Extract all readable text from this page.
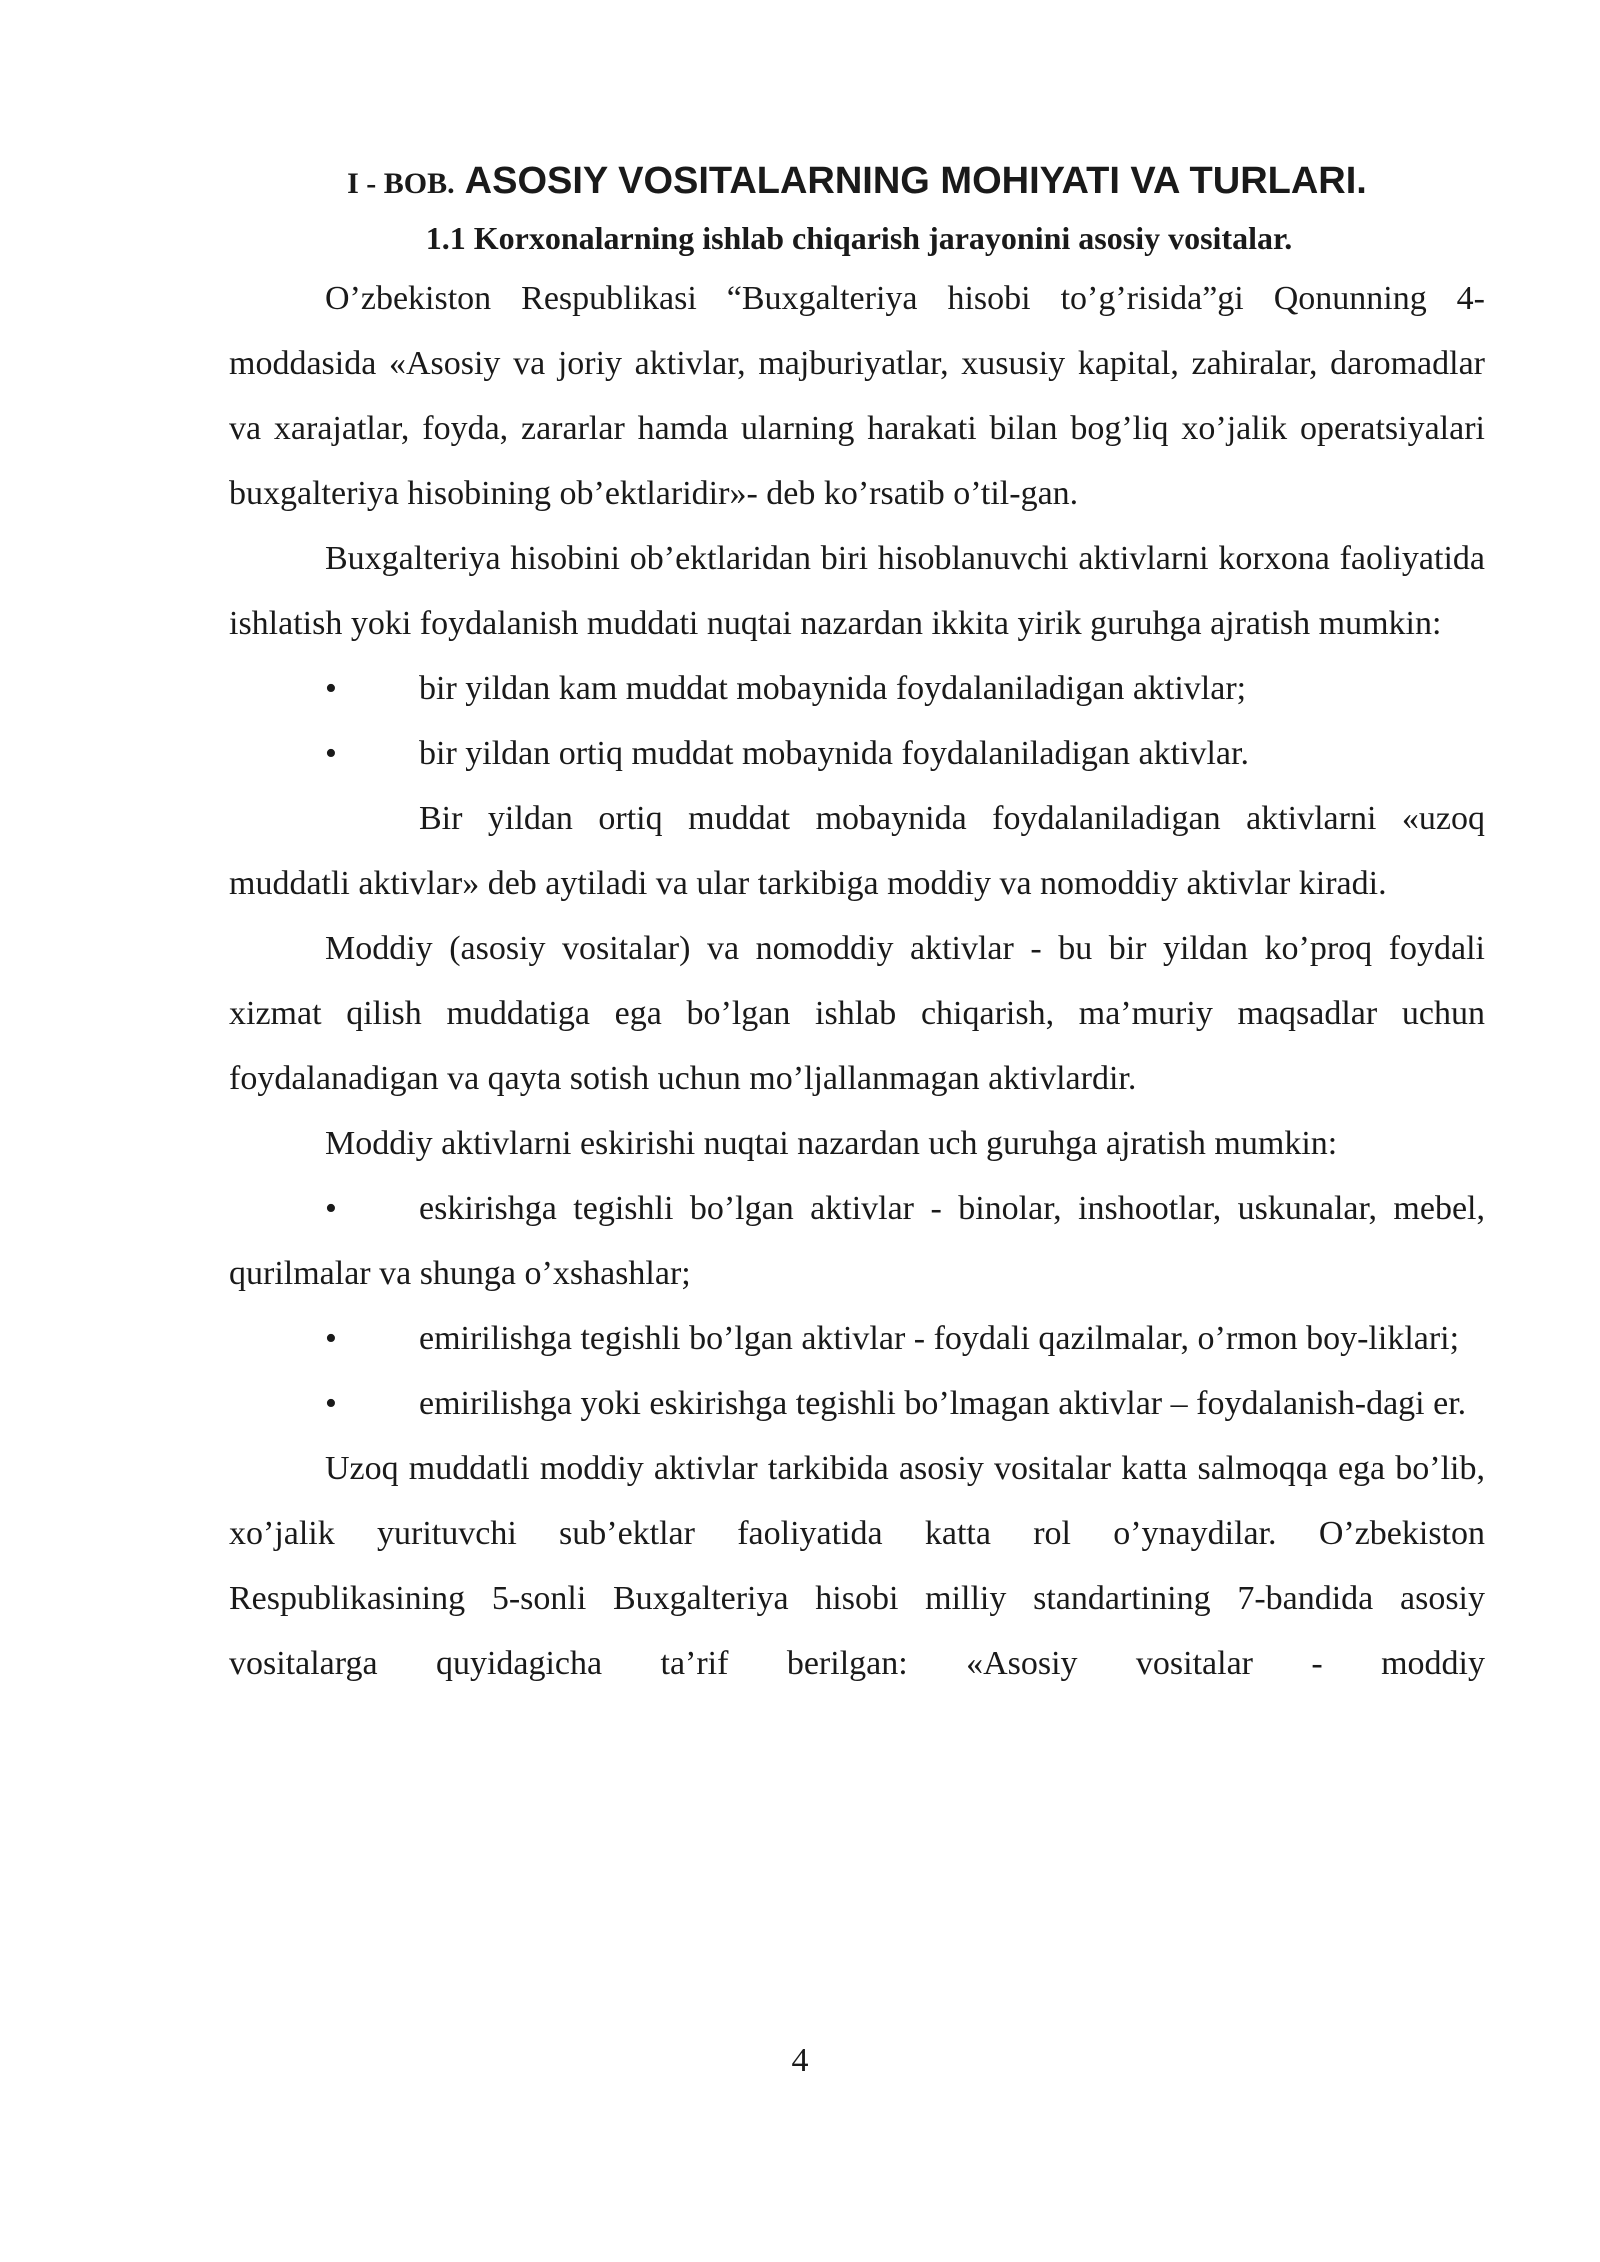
I - BOB. ASOSIY VOSITALARNING MOHIYATI VA TURLARI.
1.1 Korxonalarning ishlab chiqarish jarayonini asosiy vositalar.

O’zbekiston Respublikasi “Buxgalteriya hisobi to’g’risida”gi Qonunning 4-moddasida «Asosiy va joriy aktivlar, majburiyatlar, xususiy kapital, zahiralar, daromadlar va xarajatlar, foyda, zararlar hamda ularning harakati bilan bog’liq xo’jalik operatsiyalari buxgalteriya hisobining ob’ektlaridir»- deb ko’rsatib o’til-gan.

Buxgalteriya hisobini ob’ektlaridan biri hisoblanuvchi aktivlarni korxona faoliyatida ishlatish yoki foydalanish muddati nuqtai nazardan ikkita yirik guruhga ajratish mumkin:

• bir yildan kam muddat mobaynida foydalaniladigan aktivlar;

• bir yildan ortiq muddat mobaynida foydalaniladigan aktivlar.

Bir yildan ortiq muddat mobaynida foydalaniladigan aktivlarni «uzoq muddatli aktivlar» deb aytiladi va ular tarkibiga moddiy va nomoddiy aktivlar kiradi.

Moddiy (asosiy vositalar) va nomoddiy aktivlar - bu bir yildan ko’proq foydali xizmat qilish muddatiga ega bo’lgan ishlab chiqarish, ma’muriy maqsadlar uchun foydalanadigan va qayta sotish uchun mo’ljallanmagan aktivlardir.

Moddiy aktivlarni eskirishi nuqtai nazardan uch guruhga ajratish mumkin:

• eskirishga tegishli bo’lgan aktivlar - binolar, inshootlar, uskunalar, mebel, qurilmalar va shunga o’xshashlar;

• emirilishga tegishli bo’lgan aktivlar - foydali qazilmalar, o’rmon boy-liklari;

• emirilishga yoki eskirishga tegishli bo’lmagan aktivlar – foydalanish-dagi er.

Uzoq muddatli moddiy aktivlar tarkibida asosiy vositalar katta salmoqqa ega bo’lib, xo’jalik yurituvchi sub’ektlar faoliyatida katta rol o’ynaydilar. O’zbekiston Respublikasining 5-sonli Buxgalteriya hisobi milliy standartining 7-bandida asosiy vositalarga quyidagicha ta’rif berilgan: «Asosiy vositalar - moddiy

4
